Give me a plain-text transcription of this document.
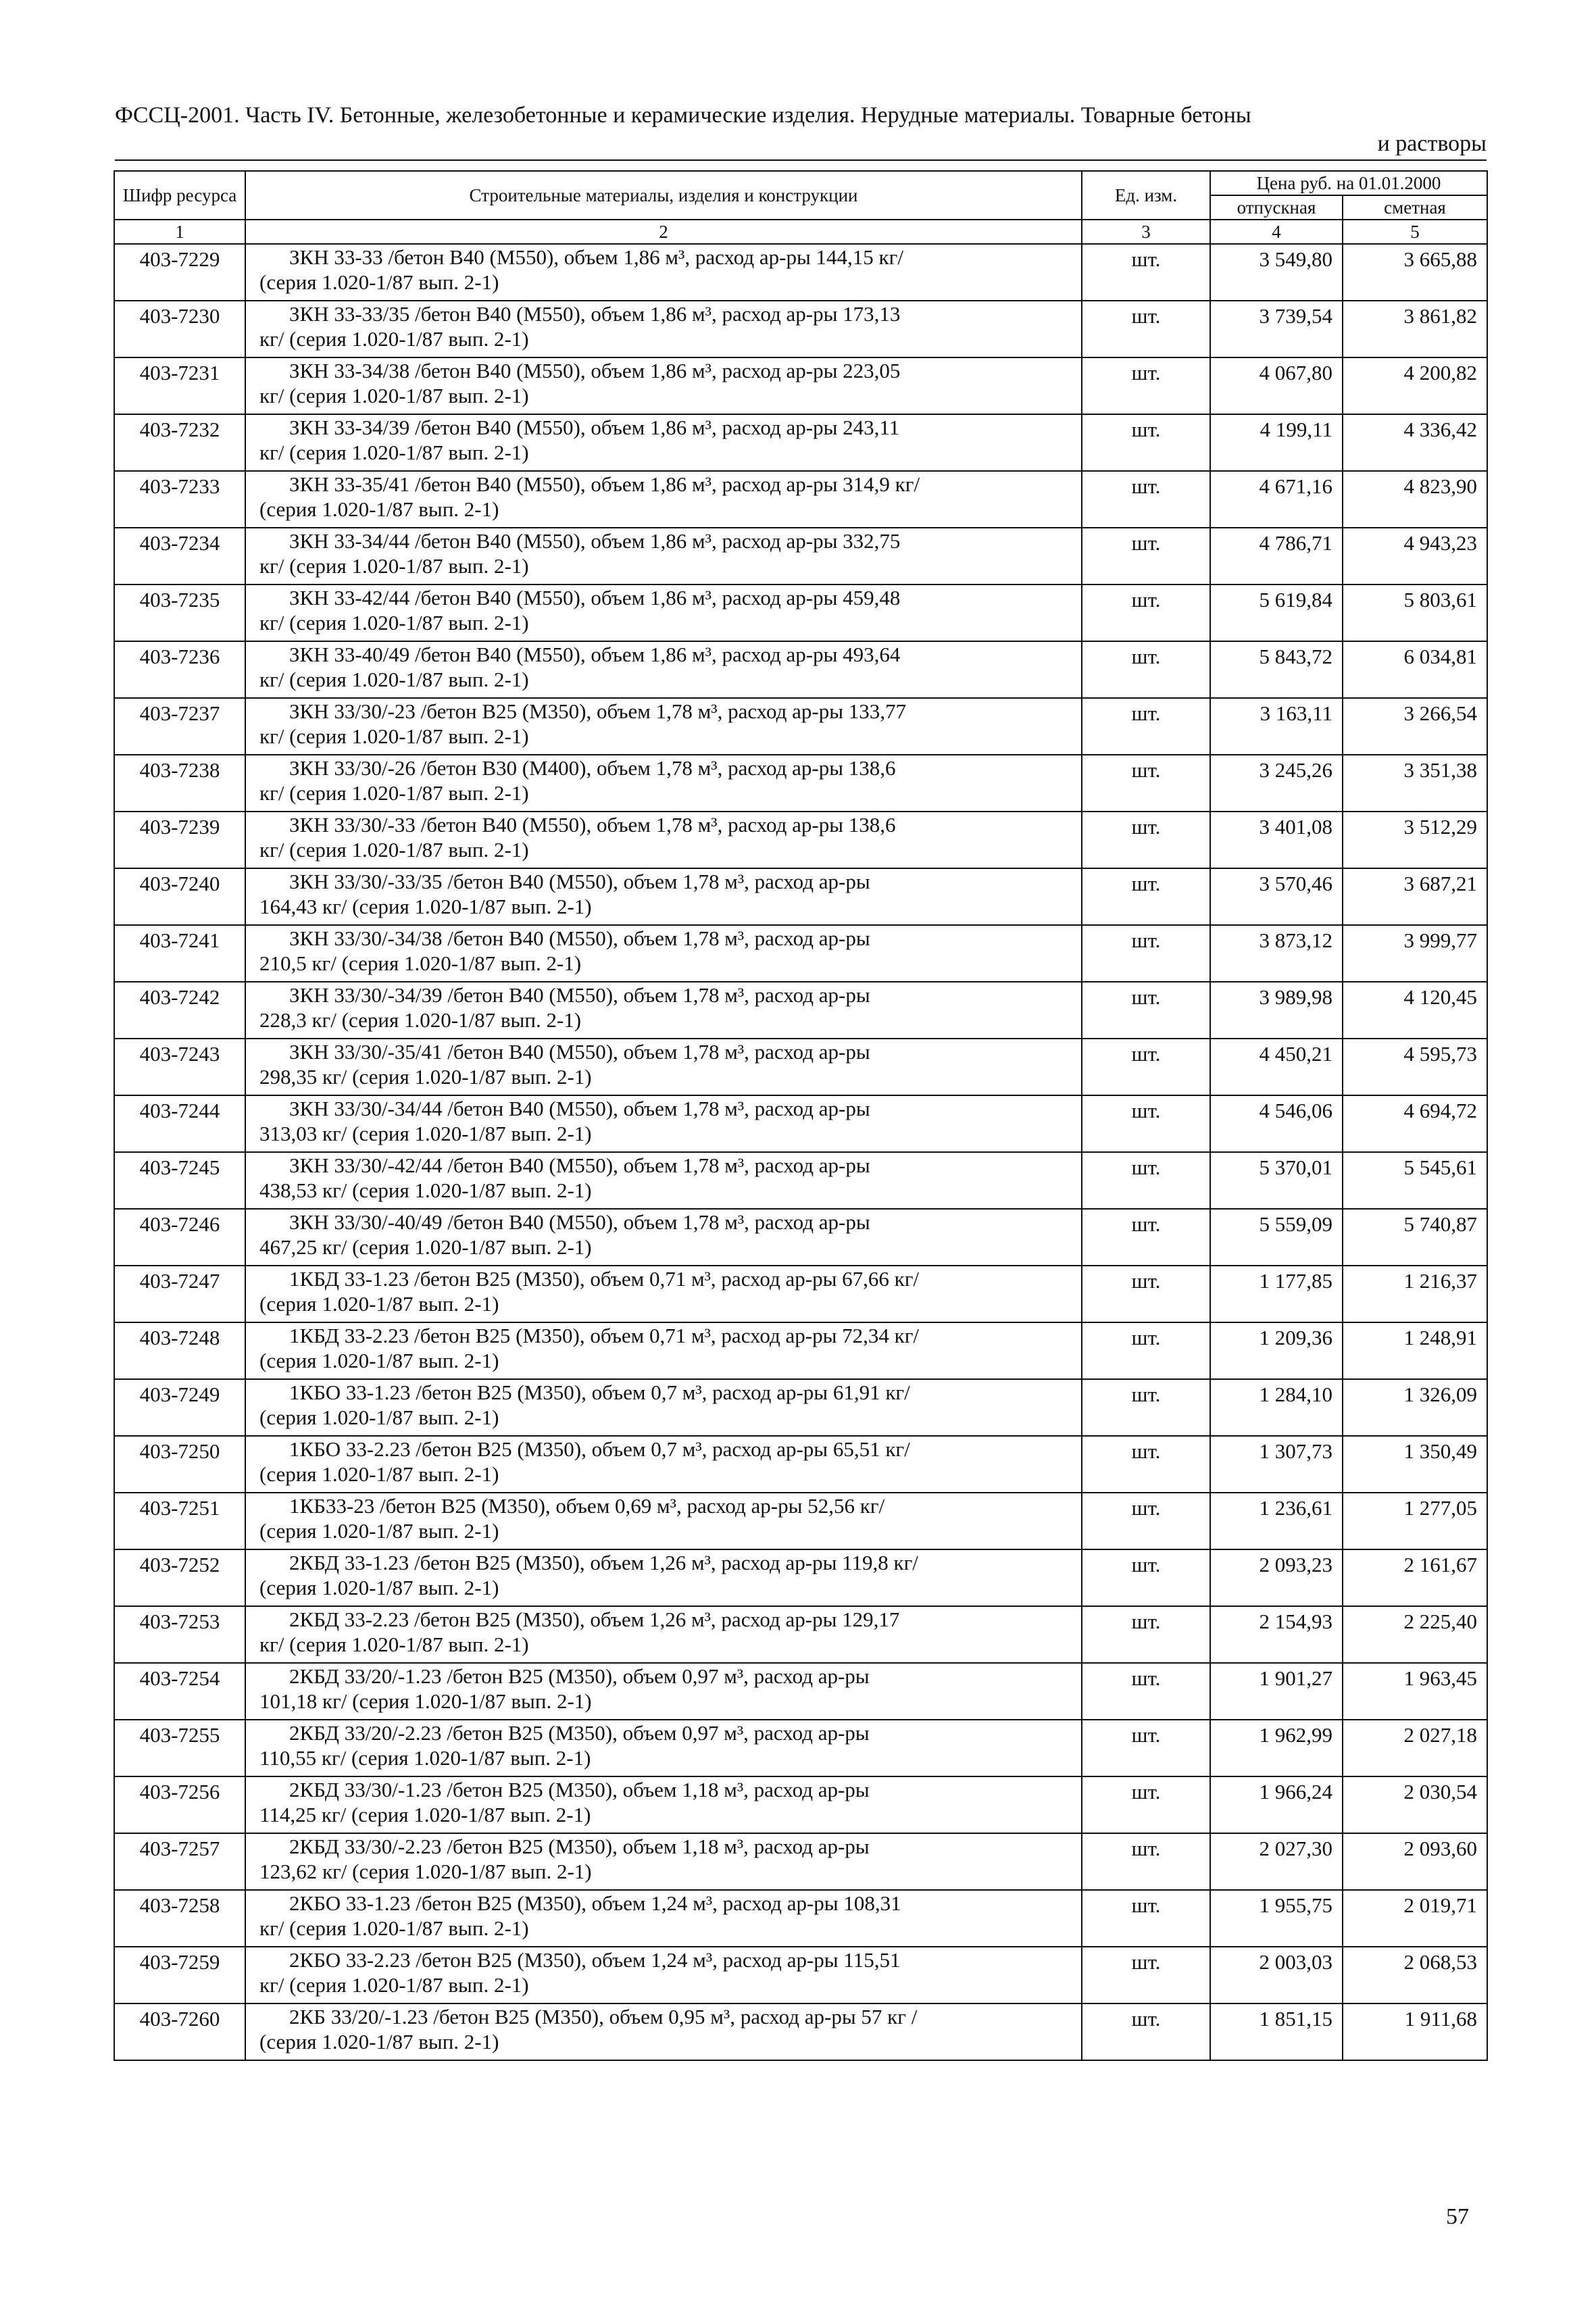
ФССЦ-2001. Часть IV. Бетонные, железобетонные и керамические изделия. Нерудные материалы. Товарные бетоны
и растворы
Шифр ресурса	Строительные материалы, изделия и конструкции	Ед. изм.	Цена руб. на 01.01.2000	
			отпускная	сметная
1	2	3	4	5
403-7229	ЗКН 33-33 /бетон В40 (М550), объем 1,86 м³, расход ар-ры 144,15 кг/
(серия 1.020-1/87 вып. 2-1)	шт.	3 549,80	3 665,88
403-7230	ЗКН 33-33/35 /бетон В40 (М550), объем 1,86 м³, расход ар-ры 173,13
кг/ (серия 1.020-1/87 вып. 2-1)	шт.	3 739,54	3 861,82
403-7231	ЗКН 33-34/38 /бетон В40 (М550), объем 1,86 м³, расход ар-ры 223,05
кг/ (серия 1.020-1/87 вып. 2-1)	шт.	4 067,80	4 200,82
403-7232	ЗКН 33-34/39 /бетон В40 (М550), объем 1,86 м³, расход ар-ры 243,11
кг/ (серия 1.020-1/87 вып. 2-1)	шт.	4 199,11	4 336,42
403-7233	ЗКН 33-35/41 /бетон В40 (М550), объем 1,86 м³, расход ар-ры 314,9 кг/
(серия 1.020-1/87 вып. 2-1)	шт.	4 671,16	4 823,90
403-7234	ЗКН 33-34/44 /бетон В40 (М550), объем 1,86 м³, расход ар-ры 332,75
кг/ (серия 1.020-1/87 вып. 2-1)	шт.	4 786,71	4 943,23
403-7235	ЗКН 33-42/44 /бетон В40 (М550), объем 1,86 м³, расход ар-ры 459,48
кг/ (серия 1.020-1/87 вып. 2-1)	шт.	5 619,84	5 803,61
403-7236	ЗКН 33-40/49 /бетон В40 (М550), объем 1,86 м³, расход ар-ры 493,64
кг/ (серия 1.020-1/87 вып. 2-1)	шт.	5 843,72	6 034,81
403-7237	ЗКН 33/30/-23 /бетон В25 (М350), объем 1,78 м³, расход ар-ры 133,77
кг/ (серия 1.020-1/87 вып. 2-1)	шт.	3 163,11	3 266,54
403-7238	ЗКН 33/30/-26 /бетон В30 (М400), объем 1,78 м³, расход ар-ры 138,6
кг/ (серия 1.020-1/87 вып. 2-1)	шт.	3 245,26	3 351,38
403-7239	ЗКН 33/30/-33 /бетон В40 (М550), объем 1,78 м³, расход ар-ры 138,6
кг/ (серия 1.020-1/87 вып. 2-1)	шт.	3 401,08	3 512,29
403-7240	ЗКН 33/30/-33/35 /бетон В40 (М550), объем 1,78 м³, расход ар-ры
164,43 кг/ (серия 1.020-1/87 вып. 2-1)	шт.	3 570,46	3 687,21
403-7241	ЗКН 33/30/-34/38 /бетон В40 (М550), объем 1,78 м³, расход ар-ры
210,5 кг/ (серия 1.020-1/87 вып. 2-1)	шт.	3 873,12	3 999,77
403-7242	ЗКН 33/30/-34/39 /бетон В40 (М550), объем 1,78 м³, расход ар-ры
228,3 кг/ (серия 1.020-1/87 вып. 2-1)	шт.	3 989,98	4 120,45
403-7243	ЗКН 33/30/-35/41 /бетон В40 (М550), объем 1,78 м³, расход ар-ры
298,35 кг/ (серия 1.020-1/87 вып. 2-1)	шт.	4 450,21	4 595,73
403-7244	ЗКН 33/30/-34/44 /бетон В40 (М550), объем 1,78 м³, расход ар-ры
313,03 кг/ (серия 1.020-1/87 вып. 2-1)	шт.	4 546,06	4 694,72
403-7245	ЗКН 33/30/-42/44 /бетон В40 (М550), объем 1,78 м³, расход ар-ры
438,53 кг/ (серия 1.020-1/87 вып. 2-1)	шт.	5 370,01	5 545,61
403-7246	ЗКН 33/30/-40/49 /бетон В40 (М550), объем 1,78 м³, расход ар-ры
467,25 кг/ (серия 1.020-1/87 вып. 2-1)	шт.	5 559,09	5 740,87
403-7247	1КБД 33-1.23 /бетон В25 (М350), объем 0,71 м³, расход ар-ры 67,66 кг/
(серия 1.020-1/87 вып. 2-1)	шт.	1 177,85	1 216,37
403-7248	1КБД 33-2.23 /бетон В25 (М350), объем 0,71 м³, расход ар-ры 72,34 кг/
(серия 1.020-1/87 вып. 2-1)	шт.	1 209,36	1 248,91
403-7249	1КБО 33-1.23 /бетон В25 (М350), объем 0,7 м³, расход ар-ры 61,91 кг/
(серия 1.020-1/87 вып. 2-1)	шт.	1 284,10	1 326,09
403-7250	1КБО 33-2.23 /бетон В25 (М350), объем 0,7 м³, расход ар-ры 65,51 кг/
(серия 1.020-1/87 вып. 2-1)	шт.	1 307,73	1 350,49
403-7251	1КБ33-23 /бетон В25 (М350), объем 0,69 м³, расход ар-ры 52,56 кг/
(серия 1.020-1/87 вып. 2-1)	шт.	1 236,61	1 277,05
403-7252	2КБД 33-1.23 /бетон В25 (М350), объем 1,26 м³, расход ар-ры 119,8 кг/
(серия 1.020-1/87 вып. 2-1)	шт.	2 093,23	2 161,67
403-7253	2КБД 33-2.23 /бетон В25 (М350), объем 1,26 м³, расход ар-ры 129,17
кг/ (серия 1.020-1/87 вып. 2-1)	шт.	2 154,93	2 225,40
403-7254	2КБД 33/20/-1.23 /бетон В25 (М350), объем 0,97 м³, расход ар-ры
101,18 кг/ (серия 1.020-1/87 вып. 2-1)	шт.	1 901,27	1 963,45
403-7255	2КБД 33/20/-2.23 /бетон В25 (М350), объем 0,97 м³, расход ар-ры
110,55 кг/ (серия 1.020-1/87 вып. 2-1)	шт.	1 962,99	2 027,18
403-7256	2КБД 33/30/-1.23 /бетон В25 (М350), объем 1,18 м³, расход ар-ры
114,25 кг/ (серия 1.020-1/87 вып. 2-1)	шт.	1 966,24	2 030,54
403-7257	2КБД 33/30/-2.23 /бетон В25 (М350), объем 1,18 м³, расход ар-ры
123,62 кг/ (серия 1.020-1/87 вып. 2-1)	шт.	2 027,30	2 093,60
403-7258	2КБО 33-1.23 /бетон В25 (М350), объем 1,24 м³, расход ар-ры 108,31
кг/ (серия 1.020-1/87 вып. 2-1)	шт.	1 955,75	2 019,71
403-7259	2КБО 33-2.23 /бетон В25 (М350), объем 1,24 м³, расход ар-ры 115,51
кг/ (серия 1.020-1/87 вып. 2-1)	шт.	2 003,03	2 068,53
403-7260	2КБ 33/20/-1.23 /бетон В25 (М350), объем 0,95 м³, расход ар-ры 57 кг /
(серия 1.020-1/87 вып. 2-1)	шт.	1 851,15	1 911,68
57
